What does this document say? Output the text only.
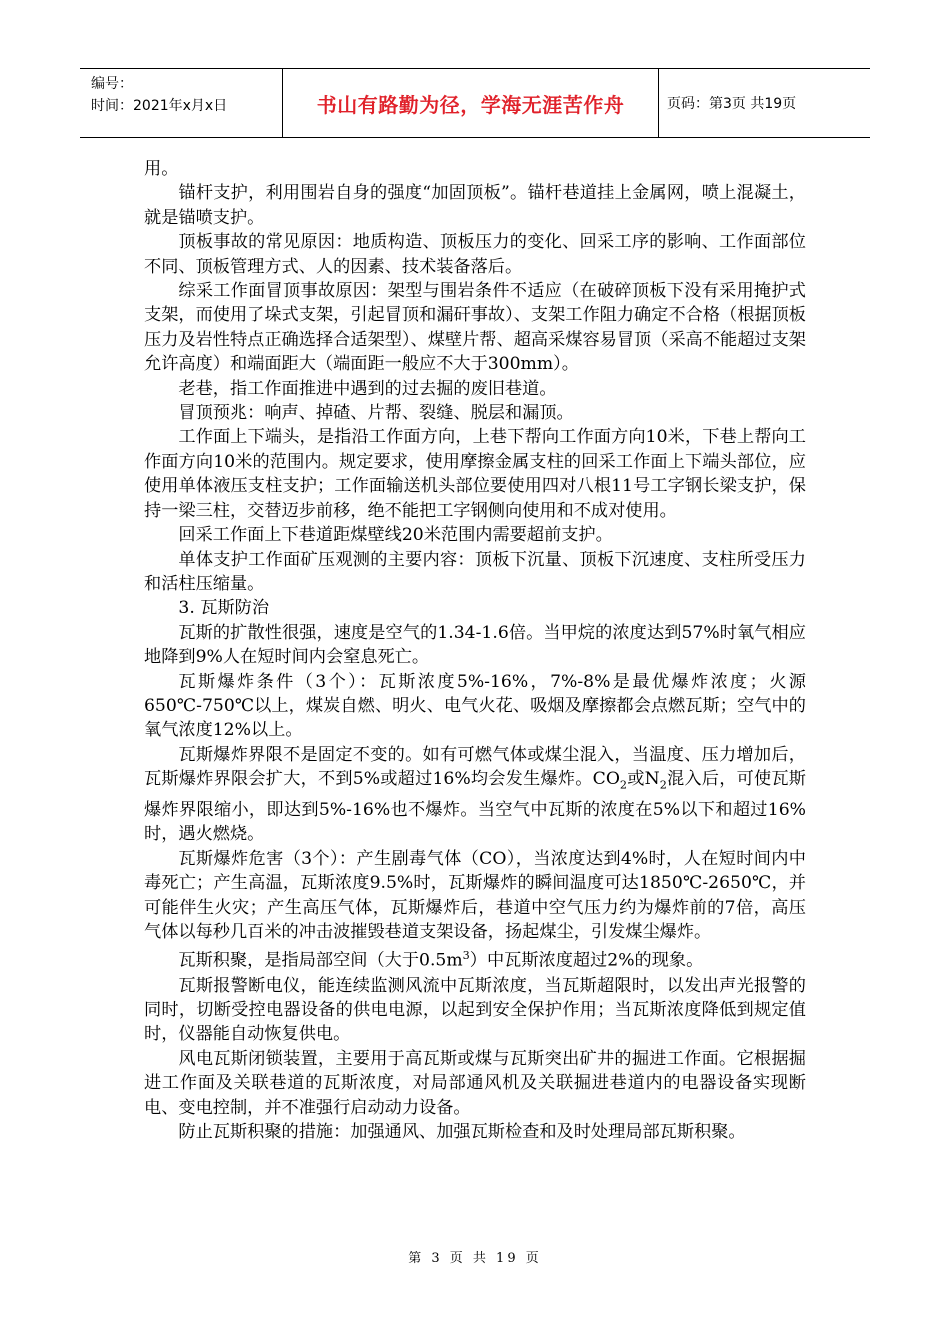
编号：
时间：2021年x月x日	书山有路勤为径，学海无涯苦作舟	页码：第3页 共19页

用。

锚杆支护，利用围岩自身的强度“加固顶板”。锚杆巷道挂上金属网，喷上混凝土，就是锚喷支护。

顶板事故的常见原因：地质构造、顶板压力的变化、回采工序的影响、工作面部位不同、顶板管理方式、人的因素、技术装备落后。

综采工作面冒顶事故原因：架型与围岩条件不适应（在破碎顶板下没有采用掩护式支架，而使用了垛式支架，引起冒顶和漏矸事故）、支架工作阻力确定不合格（根据顶板压力及岩性特点正确选择合适架型）、煤壁片帮、超高采煤容易冒顶（采高不能超过支架允许高度）和端面距大（端面距一般应不大于300mm）。

老巷，指工作面推进中遇到的过去掘的废旧巷道。

冒顶预兆：响声、掉碴、片帮、裂缝、脱层和漏顶。

工作面上下端头，是指沿工作面方向，上巷下帮向工作面方向10米，下巷上帮向工作面方向10米的范围内。规定要求，使用摩擦金属支柱的回采工作面上下端头部位，应使用单体液压支柱支护；工作面输送机头部位要使用四对八根11号工字钢长梁支护，保持一梁三柱，交替迈步前移，绝不能把工字钢侧向使用和不成对使用。

回采工作面上下巷道距煤壁线20米范围内需要超前支护。

单体支护工作面矿压观测的主要内容：顶板下沉量、顶板下沉速度、支柱所受压力和活柱压缩量。

3. 瓦斯防治

瓦斯的扩散性很强，速度是空气的1.34-1.6倍。当甲烷的浓度达到57%时氧气相应地降到9%人在短时间内会窒息死亡。

瓦斯爆炸条件（3个）：瓦斯浓度5%-16%，7%-8%是最优爆炸浓度；火源650℃-750℃以上，煤炭自燃、明火、电气火花、吸烟及摩擦都会点燃瓦斯；空气中的氧气浓度12%以上。

瓦斯爆炸界限不是固定不变的。如有可燃气体或煤尘混入，当温度、压力增加后，瓦斯爆炸界限会扩大，不到5%或超过16%均会发生爆炸。$CO_2$或$N_2$混入后，可使瓦斯爆炸界限缩小，即达到5%-16%也不爆炸。当空气中瓦斯的浓度在5%以下和超过16%时，遇火燃烧。

瓦斯爆炸危害（3个）：产生剧毒气体（CO），当浓度达到4%时，人在短时间内中毒死亡；产生高温，瓦斯浓度9.5%时，瓦斯爆炸的瞬间温度可达1850℃-2650℃，并可能伴生火灾；产生高压气体，瓦斯爆炸后，巷道中空气压力约为爆炸前的7倍，高压气体以每秒几百米的冲击波摧毁巷道支架设备，扬起煤尘，引发煤尘爆炸。

瓦斯积聚，是指局部空间（大于$0.5m^3$）中瓦斯浓度超过2%的现象。

瓦斯报警断电仪，能连续监测风流中瓦斯浓度，当瓦斯超限时，以发出声光报警的同时，切断受控电器设备的供电电源，以起到安全保护作用；当瓦斯浓度降低到规定值时，仪器能自动恢复供电。

风电瓦斯闭锁装置，主要用于高瓦斯或煤与瓦斯突出矿井的掘进工作面。它根据掘进工作面及关联巷道的瓦斯浓度，对局部通风机及关联掘进巷道内的电器设备实现断电、变电控制，并不准强行启动动力设备。

防止瓦斯积聚的措施：加强通风、加强瓦斯检查和及时处理局部瓦斯积聚。

第 3 页 共 19 页
